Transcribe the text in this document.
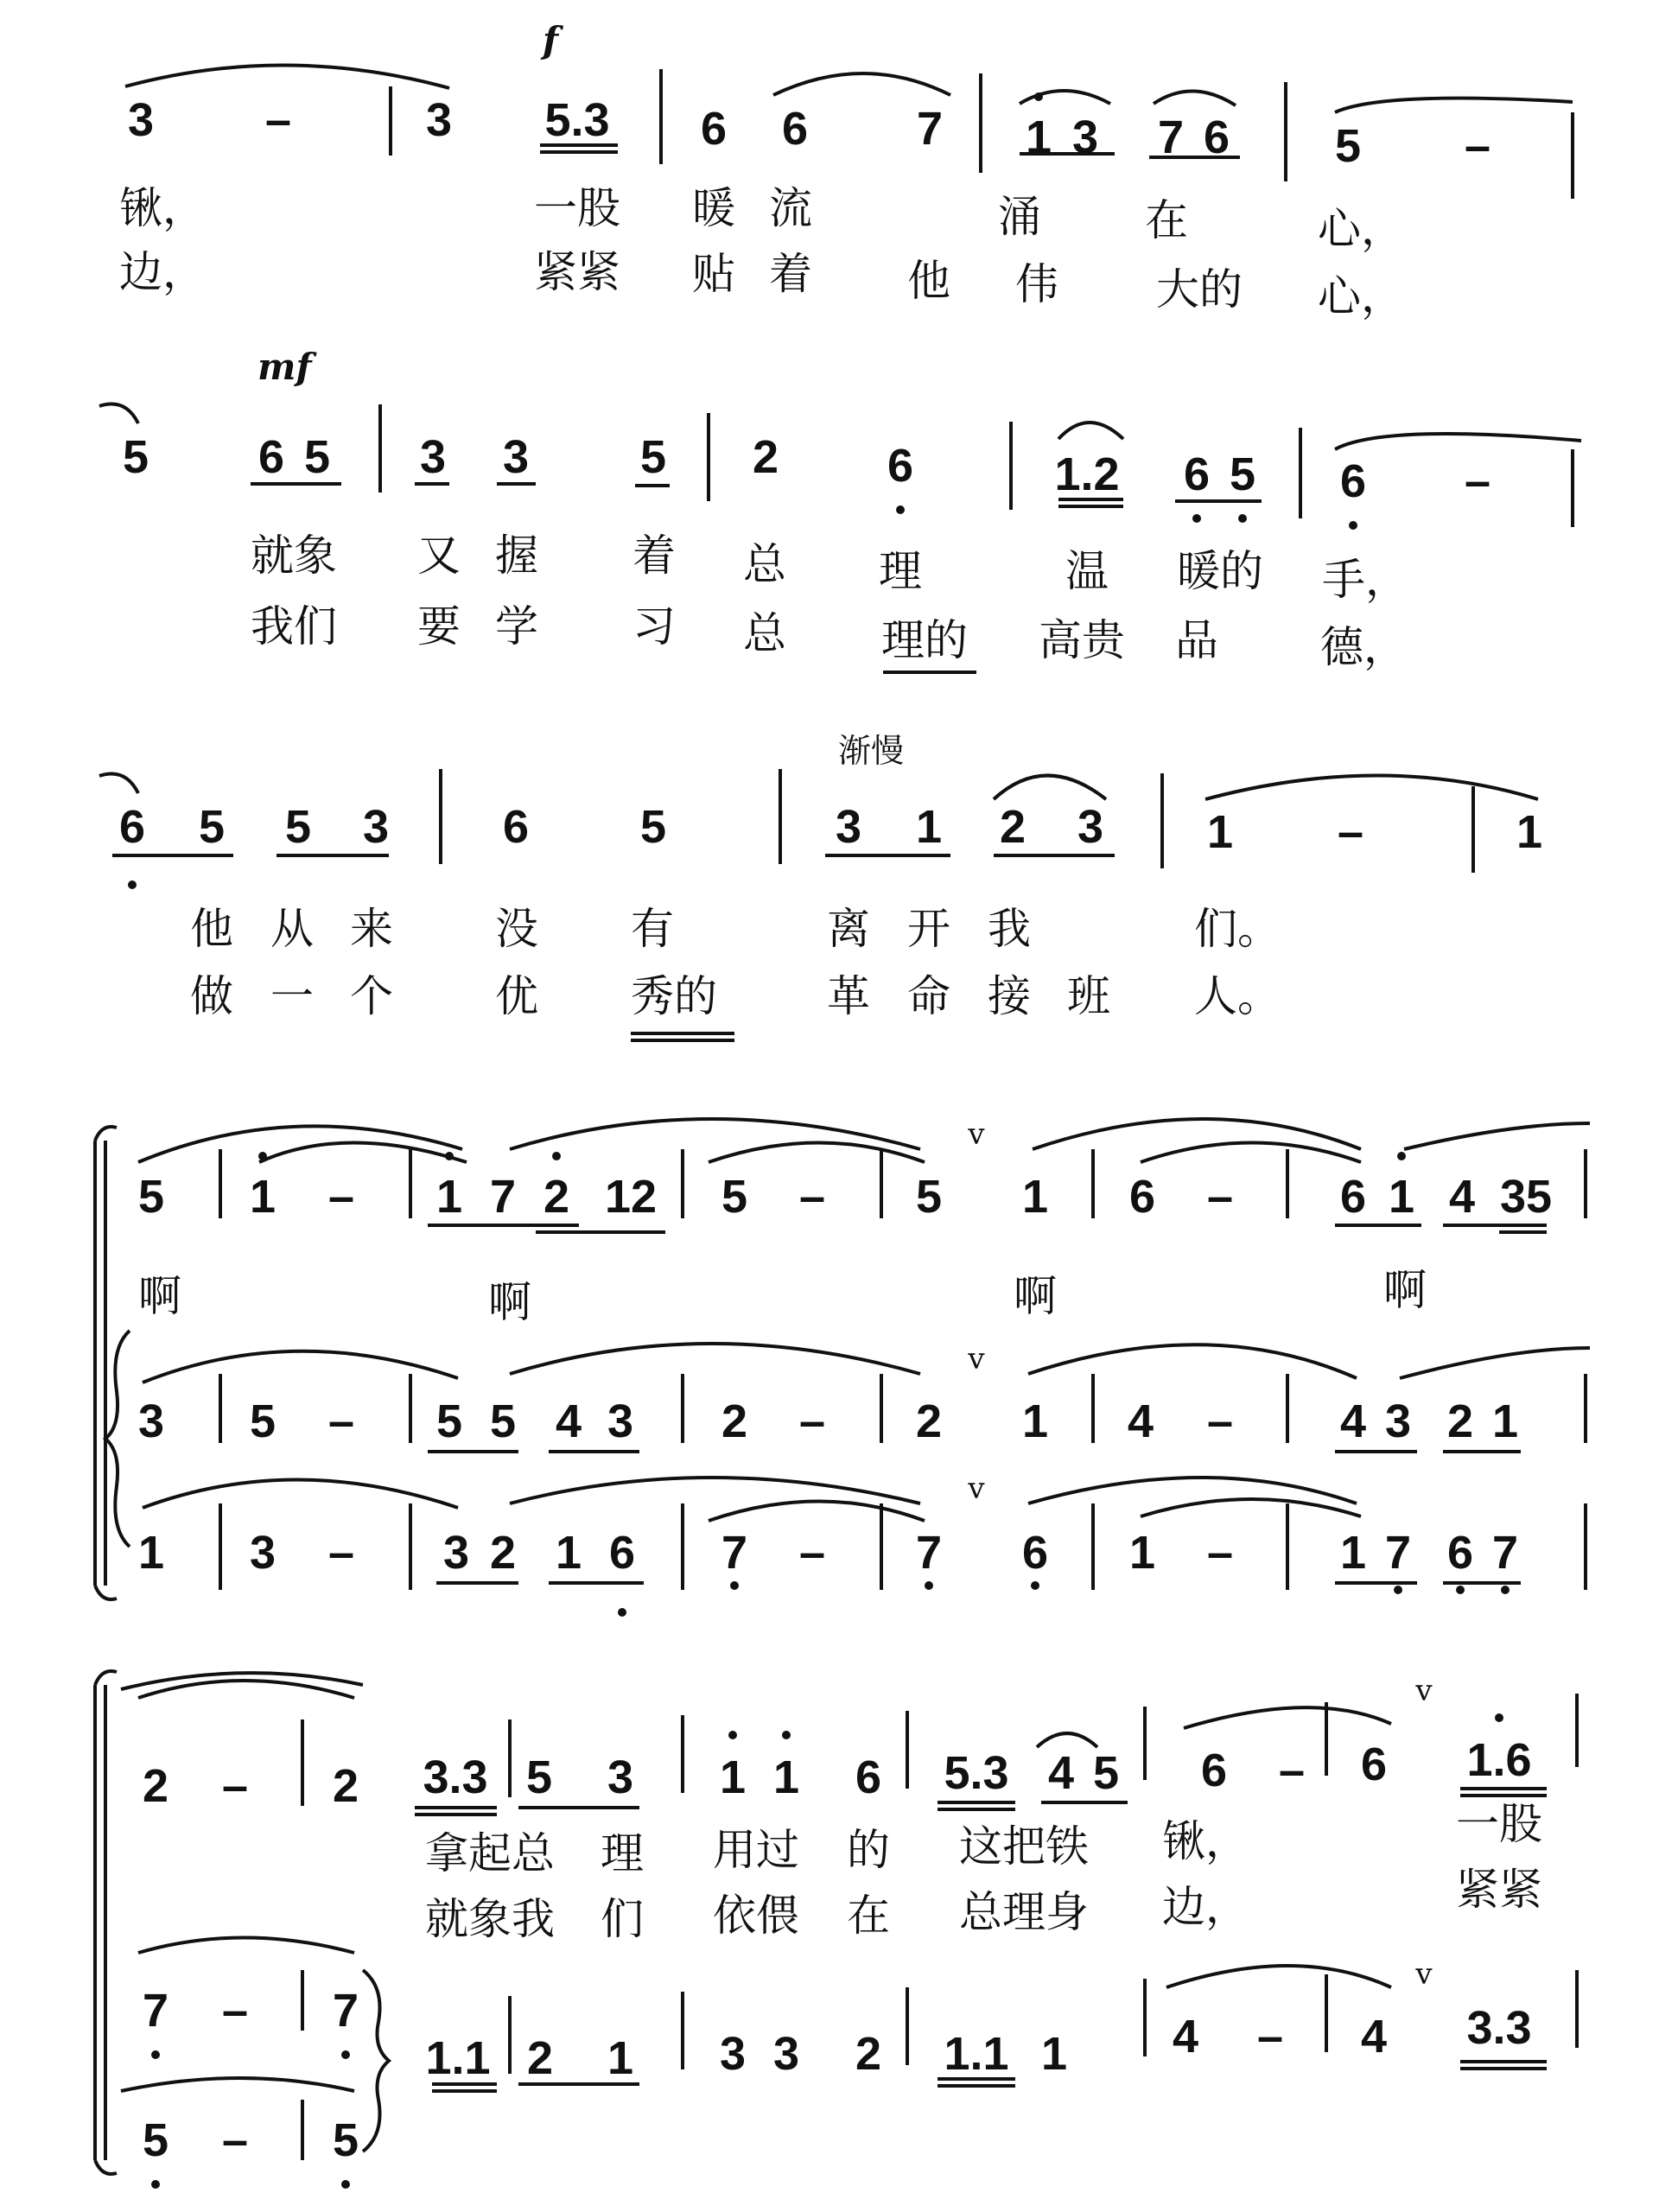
f
mf
渐慢
3 –	3 5.3 6 6 7 1 3 7 6 5 –
锹，	一股 暖 流	涌 在	心，
边，	紧紧 贴 着 他 伟 大的 心，
5 6 5 3 3 5 2 6	1.2 6 5 6 –
就象 又 握 着 总 理	温 暖的 手，
我们 要 学 习 总 理的 高贵 品 德，
6 5 5 3 6 5	3 1 2 3 1 –	1
他 从 来 没 有	离 开 我	们。
做 一 个 优 秀的	革 命 接 班 人。
5 1 – 1 7 2 12 5 – 5 1 6 – 6 1 4 35
啊	啊	啊	啊
3 5 – 5 5 4 3 2 – 2 1 4 – 4 3 2 1
1 3 – 3 2 1 6 7 – 7 6 1 – 1 7 6 7
2 – 2 3.3 5 3 1 1 6 5.3 4 5 6 – 6 1.6
拿起总 理 用过 的 这把铁 锹，	一股
就象我 们 依偎 在 总理身 边，	紧紧
7 – 7
5 – 5
1.1 2 1 3 3 2 1.1 1 4 – 4 3.3
v
v
v
v
v
